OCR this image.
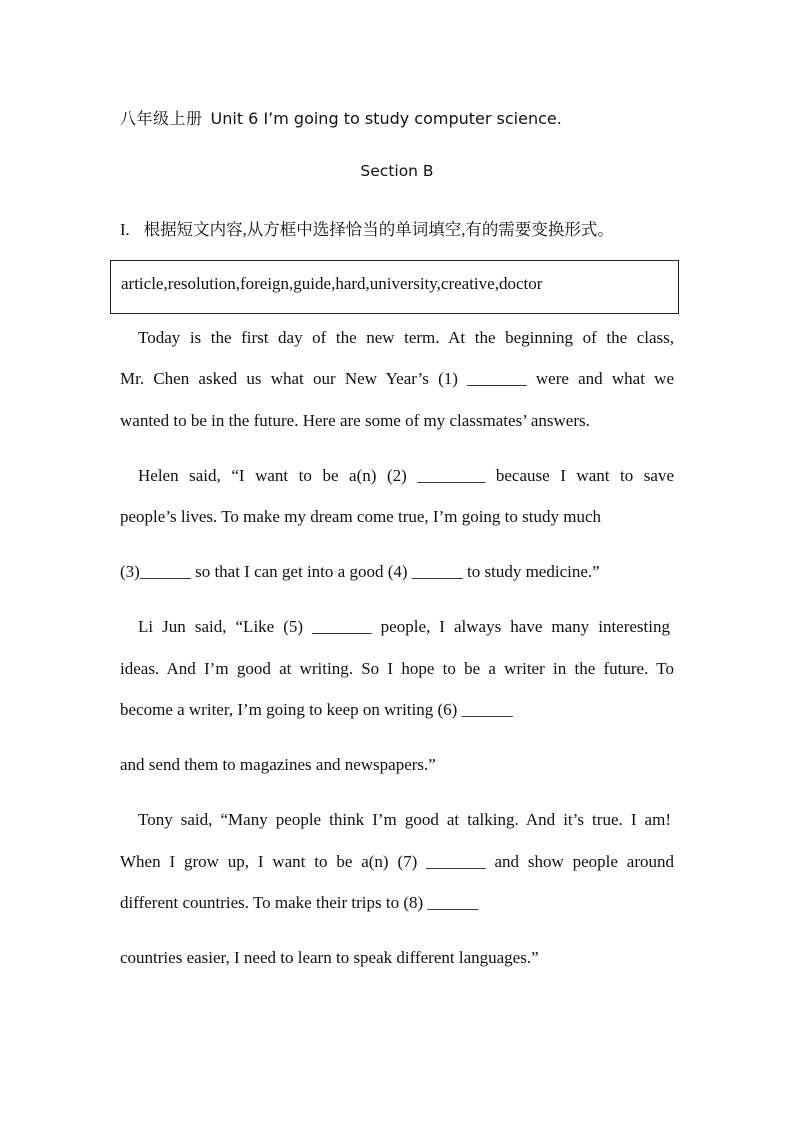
八年级上册 Unit 6 I’m going to study computer science.
Section B
I. 根据短文内容,从方框中选择恰当的单词填空,有的需要变换形式。
article,resolution,foreign,guide,hard,university,creative,doctor
Today is the first day of the new term. At the beginning of the class,
Mr. Chen asked us what our New Year’s (1) _______ were and what we
wanted to be in the future. Here are some of my classmates’ answers.
Helen said, “I want to be a(n) (2) ________ because I want to save
people’s lives. To make my dream come true, I’m going to study much
(3)______ so that I can get into a good (4) ______ to study medicine.”
Li Jun said, “Like (5) _______ people, I always have many interesting
ideas. And I’m good at writing. So I hope to be a writer in the future. To
become a writer, I’m going to keep on writing (6) ______
and send them to magazines and newspapers.”
Tony said, “Many people think I’m good at talking. And it’s true. I am!
When I grow up, I want to be a(n) (7) _______ and show people around
different countries. To make their trips to (8) ______
countries easier, I need to learn to speak different languages.”
